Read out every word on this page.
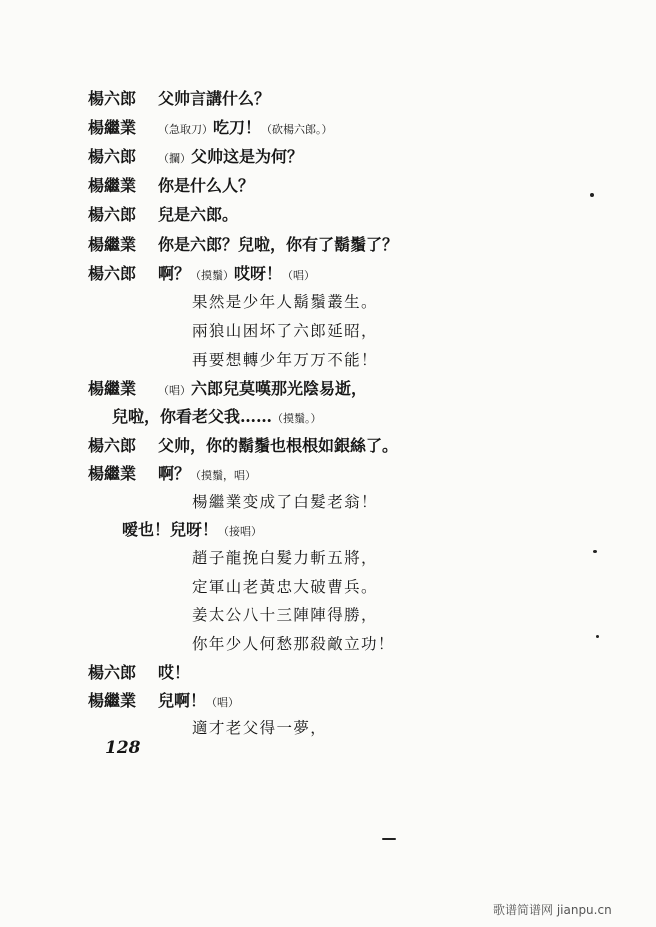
楊六郎 父帅言講什么？
楊繼業 （急取刀）吃刀！（砍楊六郎。）
楊六郎 （攔）父帅这是为何？
楊繼業 你是什么人？
楊六郎 兒是六郎。
楊繼業 你是六郎？兒啦，你有了鬍鬚了？
楊六郎 啊？（摸鬚）哎呀！（唱）
果然是少年人鬍鬚叢生。
兩狼山困坏了六郎延昭，
再要想轉少年万万不能！
楊繼業 （唱）六郎兒莫嘆那光陰易逝，
兒啦，你看老父我……（摸鬚。）
楊六郎 父帅，你的鬍鬚也根根如銀絲了。
楊繼業 啊？（摸鬚，唱）
楊繼業变成了白髮老翁！
嗳也！兒呀！（接唱）
趙子龍挽白髮力斬五將，
定軍山老黃忠大破曹兵。
姜太公八十三陣陣得勝，
你年少人何愁那殺敵立功！
楊六郎 哎！
楊繼業 兒啊！（唱）
適才老父得一夢，
128
歌谱简谱网 jianpu.cn
